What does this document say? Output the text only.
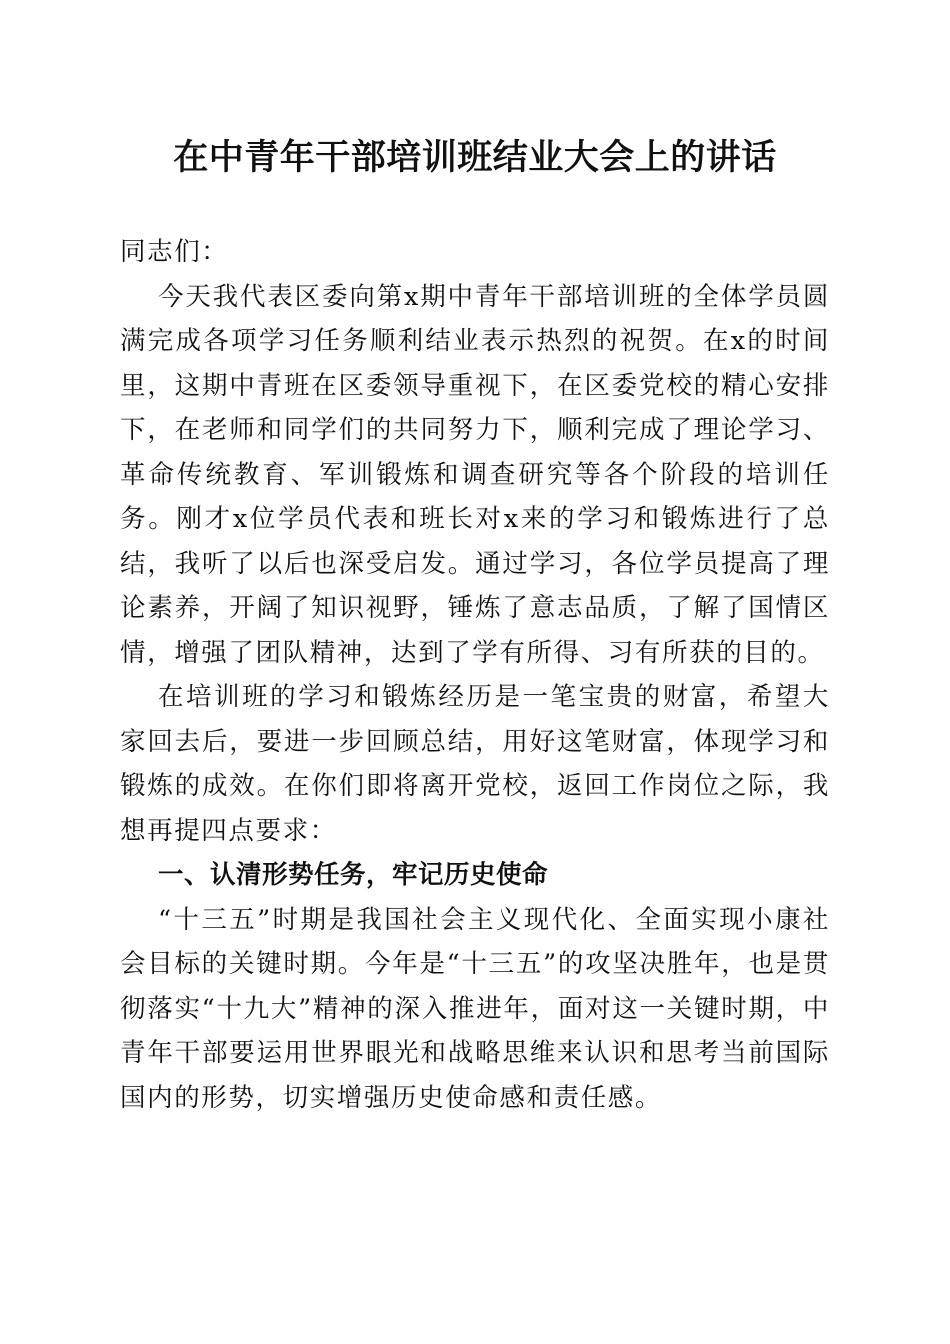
在中青年干部培训班结业大会上的讲话

同志们：

今天我代表区委向第x期中青年干部培训班的全体学员圆满完成各项学习任务顺利结业表示热烈的祝贺。在x的时间里，这期中青班在区委领导重视下，在区委党校的精心安排下，在老师和同学们的共同努力下，顺利完成了理论学习、革命传统教育、军训锻炼和调查研究等各个阶段的培训任务。刚才x位学员代表和班长对x来的学习和锻炼进行了总结，我听了以后也深受启发。通过学习，各位学员提高了理论素养，开阔了知识视野，锤炼了意志品质，了解了国情区情，增强了团队精神，达到了学有所得、习有所获的目的。

在培训班的学习和锻炼经历是一笔宝贵的财富，希望大家回去后，要进一步回顾总结，用好这笔财富，体现学习和锻炼的成效。在你们即将离开党校，返回工作岗位之际，我想再提四点要求：

一、认清形势任务，牢记历史使命

“十三五”时期是我国社会主义现代化、全面实现小康社会目标的关键时期。今年是“十三五”的攻坚决胜年，也是贯彻落实“十九大”精神的深入推进年，面对这一关键时期，中青年干部要运用世界眼光和战略思维来认识和思考当前国际国内的形势，切实增强历史使命感和责任感。
